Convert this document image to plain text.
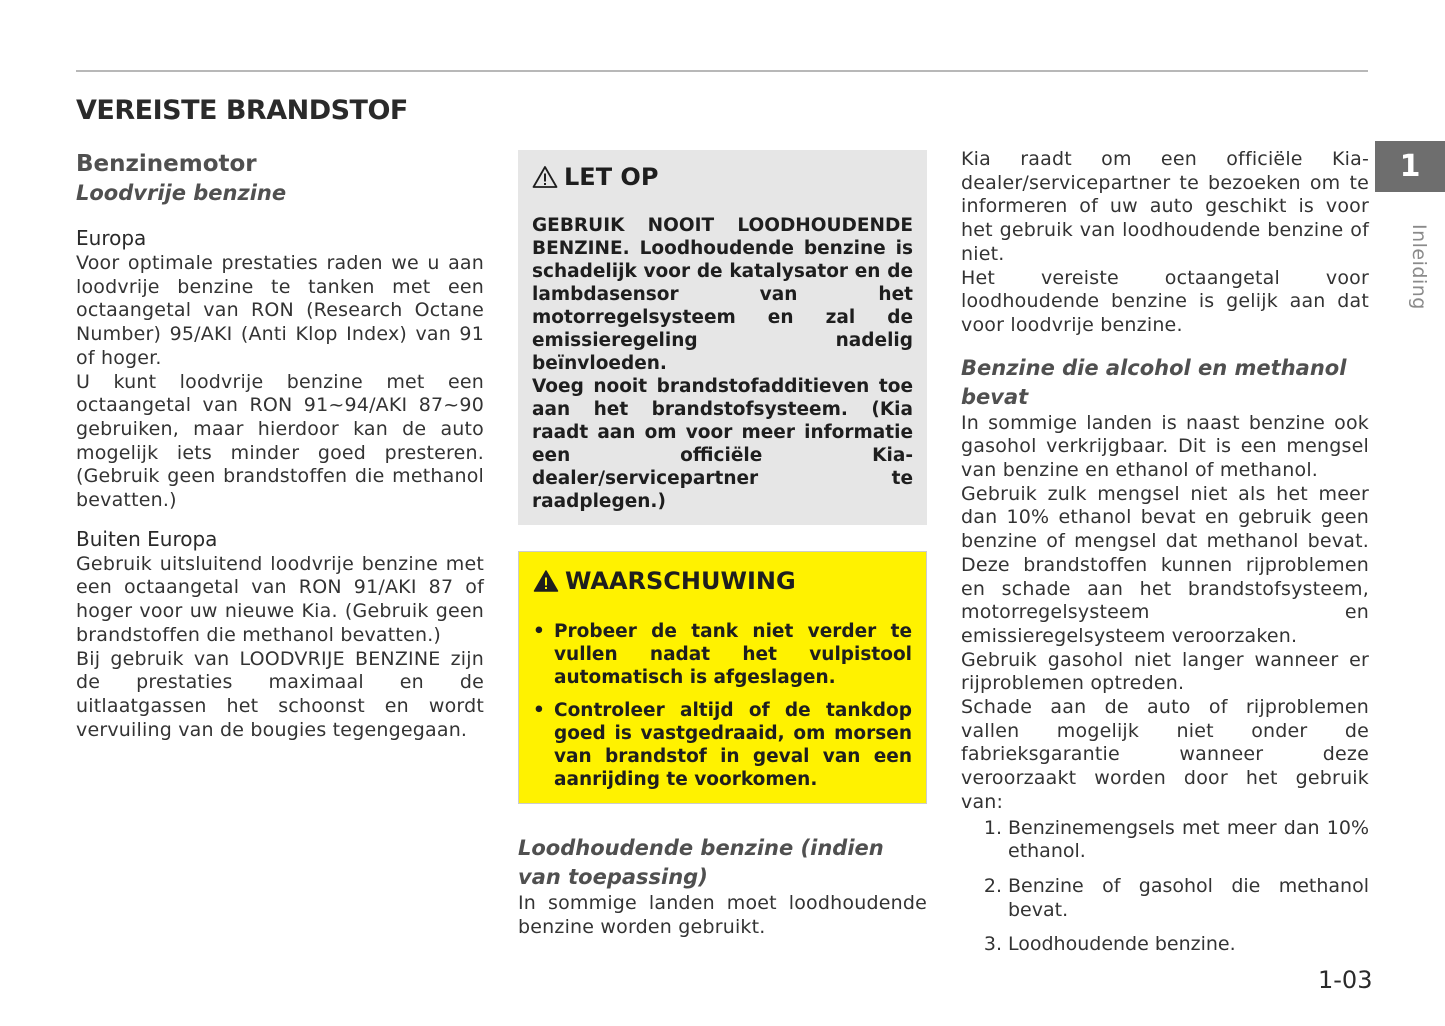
VEREISTE BRANDSTOF
Benzinemotor
Loodvrije benzine
Europa

Voor optimale prestaties raden we u aan loodvrije benzine te tanken met een octaangetal van RON (Research Octane Number) 95/AKI (Anti Klop Index) van 91 of hoger.

U kunt loodvrije benzine met een octaangetal van RON 91~94/AKI 87~90 gebruiken, maar hierdoor kan de auto mogelijk iets minder goed presteren. (Gebruik geen brandstoffen die methanol bevatten.)

Buiten Europa

Gebruik uitsluitend loodvrije benzine met een octaangetal van RON 91/AKI 87 of hoger voor uw nieuwe Kia. (Gebruik geen brandstoffen die methanol bevatten.)

Bij gebruik van LOODVRIJE BENZINE zijn de prestaties maximaal en de uitlaatgassen het schoonst en wordt vervuiling van de bougies tegengegaan.

LET OP

GEBRUIK NOOIT LOODHOUDENDE BENZINE. Loodhoudende benzine is schadelijk voor de katalysator en de lambdasensor van het motorregelsysteem en zal de emissieregeling nadelig beïnvloeden.

Voeg nooit brandstofadditieven toe aan het brandstofsysteem. (Kia raadt aan om voor meer informatie een officiële Kia-dealer/servicepartner te raadplegen.)

WAARSCHUWING
• Probeer de tank niet verder te vullen nadat het vulpistool automatisch is afgeslagen.
• Controleer altijd of de tankdop goed is vastgedraaid, om morsen van brandstof in geval van een aanrijding te voorkomen.
Loodhoudende benzine (indien van toepassing)

In sommige landen moet loodhoudende benzine worden gebruikt.

Kia raadt om een officiële Kia-dealer/servicepartner te bezoeken om te informeren of uw auto geschikt is voor het gebruik van loodhoudende benzine of niet.

Het vereiste octaangetal voor loodhoudende benzine is gelijk aan dat voor loodvrije benzine.

Benzine die alcohol en methanol bevat

In sommige landen is naast benzine ook gasohol verkrijgbaar. Dit is een mengsel van benzine en ethanol of methanol.

Gebruik zulk mengsel niet als het meer dan 10% ethanol bevat en gebruik geen benzine of mengsel dat methanol bevat. Deze brandstoffen kunnen rijproblemen en schade aan het brandstofsysteem, motorregelsysteem en emissieregelsysteem veroorzaken.

Gebruik gasohol niet langer wanneer er rijproblemen optreden.

Schade aan de auto of rijproblemen vallen mogelijk niet onder de fabrieksgarantie wanneer deze veroorzaakt worden door het gebruik van:

1. Benzinemengsels met meer dan 10% ethanol.
2. Benzine of gasohol die methanol bevat.
3. Loodhoudende benzine.
1
Inleiding
1-03
